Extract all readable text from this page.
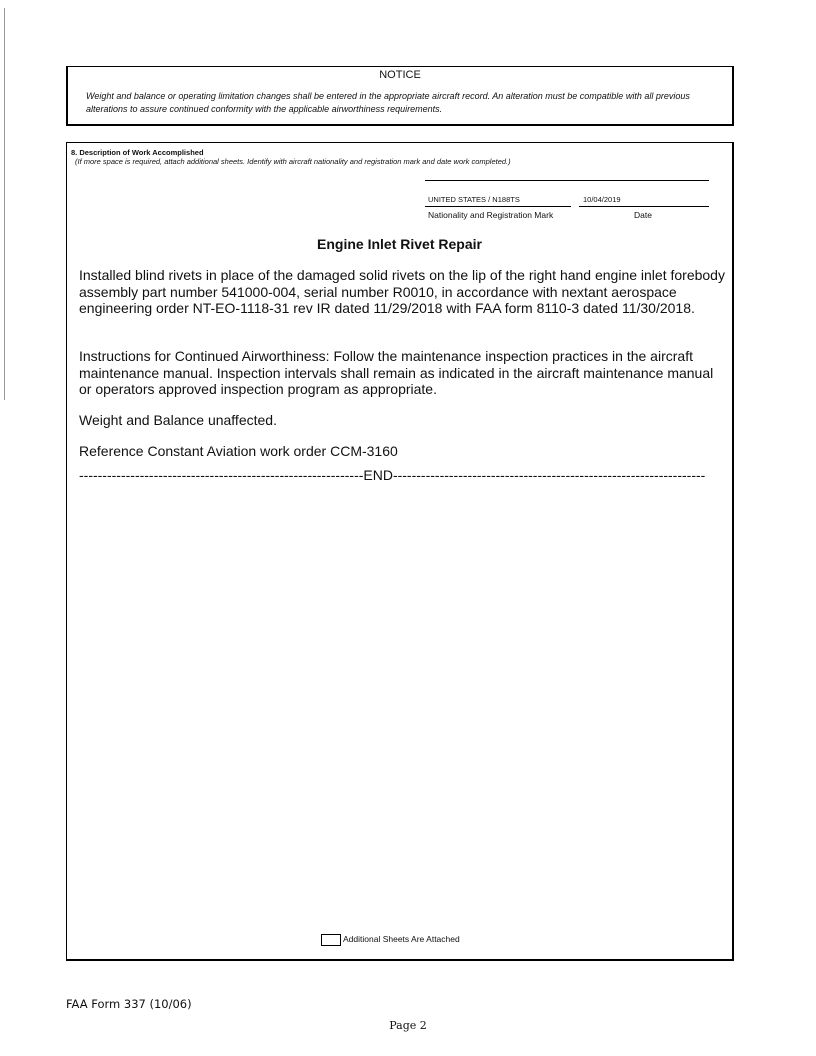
NOTICE
Weight and balance or operating limitation changes shall be entered in the appropriate aircraft record. An alteration must be compatible with all previous alterations to assure continued conformity with the applicable airworthiness requirements.
8. Description of Work Accomplished
(If more space is required, attach additional sheets. Identify with aircraft nationality and registration mark and date work completed.)
UNITED STATES / N188TS	10/04/2019
Nationality and Registration Mark	Date
Engine Inlet Rivet Repair
Installed blind rivets in place of the damaged solid rivets on the lip of the right hand engine inlet forebody assembly part number 541000-004, serial number R0010, in accordance with nextant aerospace engineering order NT-EO-1118-31 rev IR dated 11/29/2018 with FAA form 8110-3 dated 11/30/2018.
Instructions for Continued Airworthiness: Follow the maintenance inspection practices in the aircraft maintenance manual. Inspection intervals shall remain as indicated in the aircraft maintenance manual or operators approved inspection program as appropriate.
Weight and Balance unaffected.
Reference Constant Aviation work order CCM-3160
-------------------------------------------------------------END-------------------------------------------------------------------
Additional Sheets Are Attached
FAA Form 337 (10/06)
Page 2
